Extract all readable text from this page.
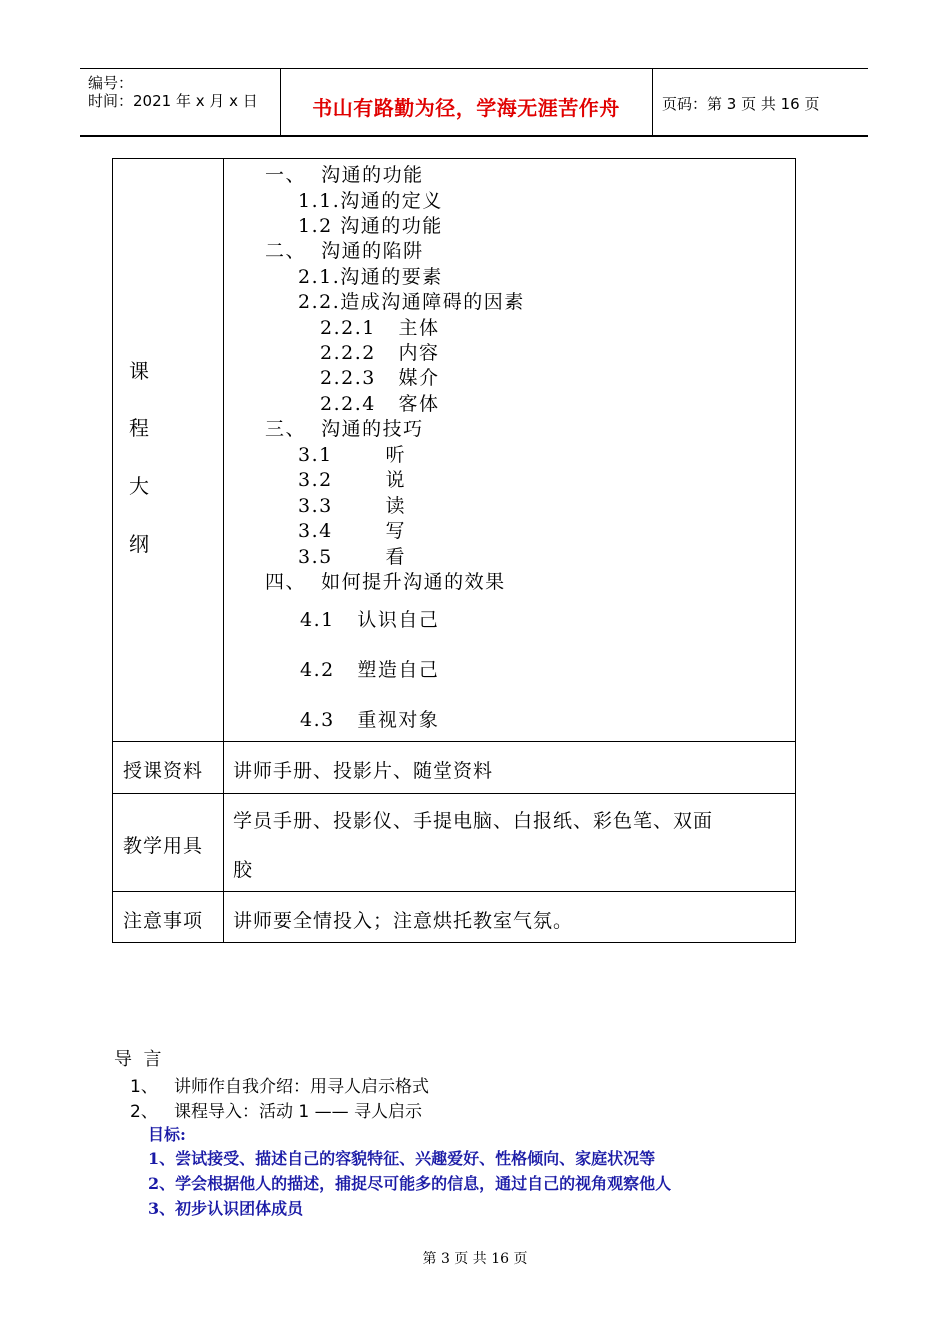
编号：
时间：2021 年 x 月 x 日	书山有路勤为径，学海无涯苦作舟	页码：第 3 页 共 16 页
课
程
大
纲
一、  沟通的功能
1.1.沟通的定义
1.2 沟通的功能
二、  沟通的陷阱
2.1.沟通的要素
2.2.造成沟通障碍的因素
2.2.1   主体
2.2.2   内容
2.2.3   媒介
2.2.4   客体
三、  沟通的技巧
3.1       听
3.2       说
3.3       读
3.4       写
3.5       看
四、  如何提升沟通的效果
4.1   认识自己
4.2   塑造自己
4.3   重视对象
授课资料 讲师手册、投影片、随堂资料
教学用具
学员手册、投影仪、手提电脑、白报纸、彩色笔、双面
胶
注意事项 讲师要全情投入；注意烘托教室气氛。
导  言
1、   讲师作自我介绍：用寻人启示格式
2、   课程导入：活动 1 —— 寻人启示
目标:
1、尝试接受、描述自己的容貌特征、兴趣爱好、性格倾向、家庭状况等
2、学会根据他人的描述，捕捉尽可能多的信息，通过自己的视角观察他人
3、初步认识团体成员
第 3 页 共 16 页
